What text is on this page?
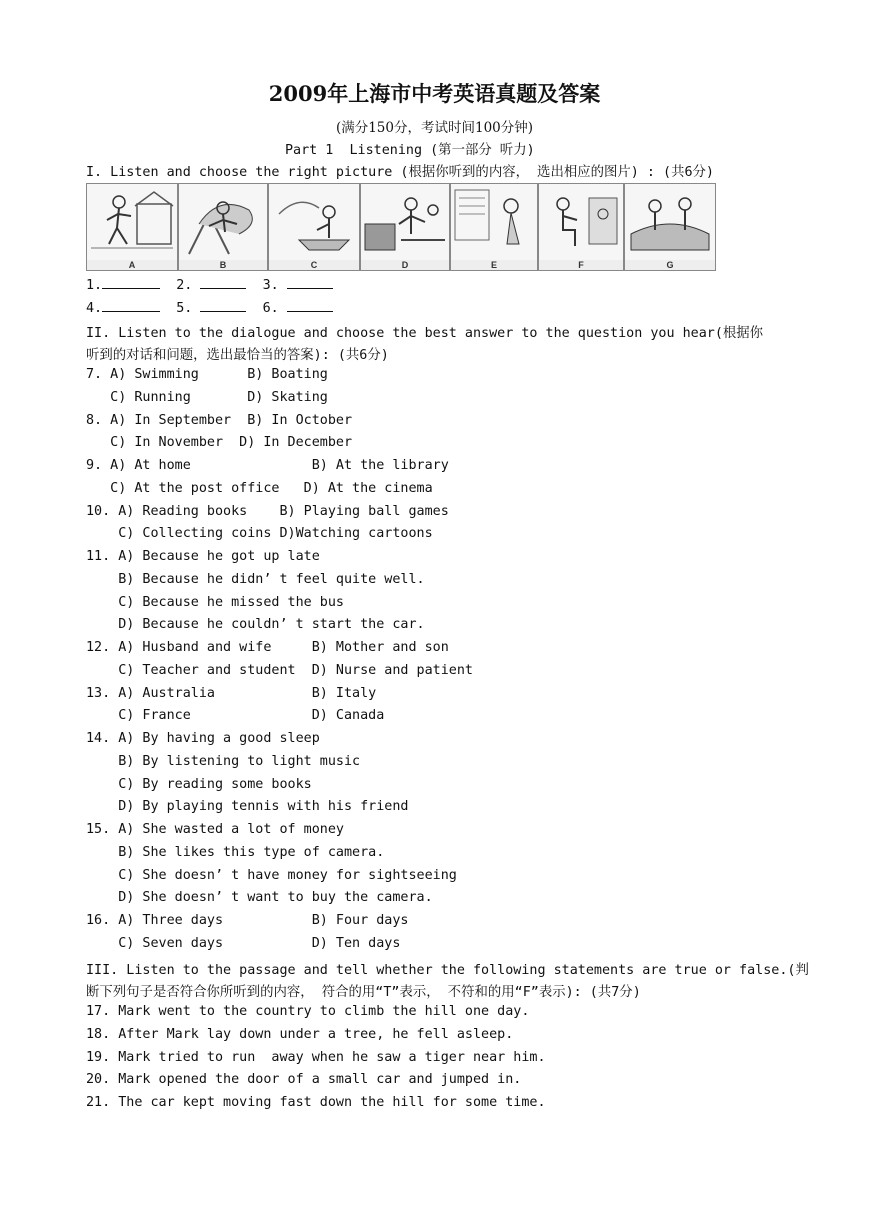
2009年上海市中考英语真题及答案
(满分150分，考试时间100分钟)
Part 1  Listening (第一部分 听力)
I. Listen and choose the right picture (根据你听到的内容， 选出相应的图片) : (共6分)
A	B	C	D	E	F	G
1.	2.	3.
4.	5.	6.
II. Listen to the dialogue and choose the best answer to the question you hear(根据你
听到的对话和问题，选出最恰当的答案): (共6分)
7. A) Swimming      B) Boating
C) Running       D) Skating
8. A) In September  B) In October
C) In November  D) In December
9. A) At home               B) At the library
C) At the post office   D) At the cinema
10. A) Reading books    B) Playing ball games
C) Collecting coins D)Watching cartoons
11. A) Because he got up late
B) Because he didn’ t feel quite well.
C) Because he missed the bus
D) Because he couldn’ t start the car.
12. A) Husband and wife     B) Mother and son
C) Teacher and student  D) Nurse and patient
13. A) Australia            B) Italy
C) France               D) Canada
14. A) By having a good sleep
B) By listening to light music
C) By reading some books
D) By playing tennis with his friend
15. A) She wasted a lot of money
B) She likes this type of camera.
C) She doesn’ t have money for sightseeing
D) She doesn’ t want to buy the camera.
16. A) Three days           B) Four days
C) Seven days           D) Ten days
III. Listen to the passage and tell whether the following statements are true or false.(判
断下列句子是否符合你所听到的内容， 符合的用“T”表示， 不符和的用“F”表示): (共7分)
17. Mark went to the country to climb the hill one day.
18. After Mark lay down under a tree, he fell asleep.
19. Mark tried to run  away when he saw a tiger near him.
20. Mark opened the door of a small car and jumped in.
21. The car kept moving fast down the hill for some time.
